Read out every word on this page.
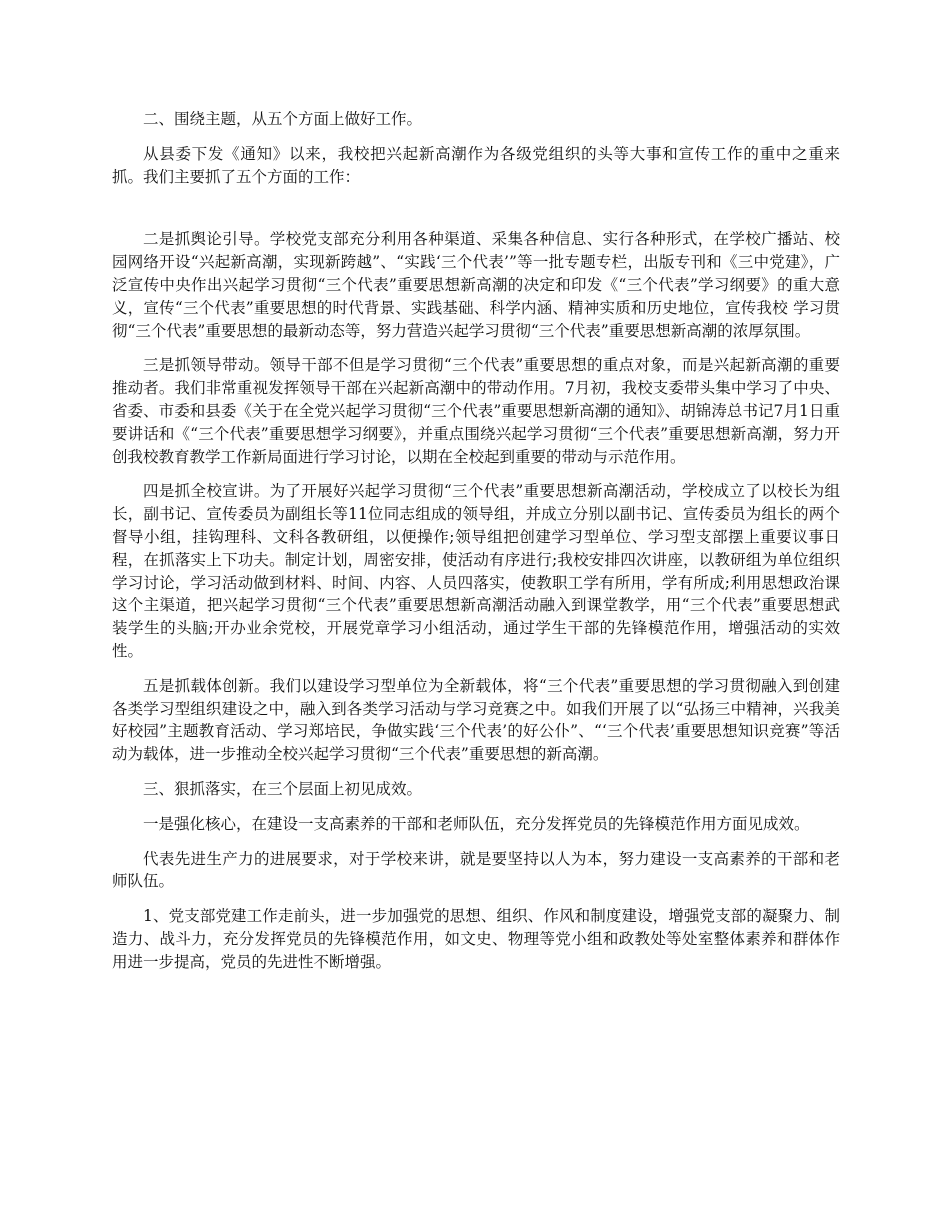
二、围绕主题，从五个方面上做好工作。

从县委下发《通知》以来，我校把兴起新高潮作为各级党组织的头等大事和宣传工作的重中之重来抓。我们主要抓了五个方面的工作：

二是抓舆论引导。学校党支部充分利用各种渠道、采集各种信息、实行各种形式，在学校广播站、校园网络开设“兴起新高潮，实现新跨越”、“实践‘三个代表’”等一批专题专栏，出版专刊和《三中党建》，广泛宣传中央作出兴起学习贯彻“三个代表”重要思想新高潮的决定和印发《“三个代表”学习纲要》的重大意义，宣传“三个代表”重要思想的时代背景、实践基础、科学内涵、精神实质和历史地位，宣传我校 学习贯彻“三个代表”重要思想的最新动态等，努力营造兴起学习贯彻“三个代表”重要思想新高潮的浓厚氛围。

三是抓领导带动。领导干部不但是学习贯彻“三个代表”重要思想的重点对象，而是兴起新高潮的重要推动者。我们非常重视发挥领导干部在兴起新高潮中的带动作用。7月初，我校支委带头集中学习了中央、省委、市委和县委《关于在全党兴起学习贯彻“三个代表”重要思想新高潮的通知》、胡锦涛总书记7月1日重要讲话和《“三个代表”重要思想学习纲要》，并重点围绕兴起学习贯彻“三个代表”重要思想新高潮，努力开创我校教育教学工作新局面进行学习讨论，以期在全校起到重要的带动与示范作用。

四是抓全校宣讲。为了开展好兴起学习贯彻“三个代表”重要思想新高潮活动，学校成立了以校长为组长，副书记、宣传委员为副组长等11位同志组成的领导组，并成立分别以副书记、宣传委员为组长的两个督导小组，挂钩理科、文科各教研组，以便操作;领导组把创建学习型单位、学习型支部摆上重要议事日程，在抓落实上下功夫。制定计划，周密安排，使活动有序进行;我校安排四次讲座，以教研组为单位组织学习讨论，学习活动做到材料、时间、内容、人员四落实，使教职工学有所用，学有所成;利用思想政治课这个主渠道，把兴起学习贯彻“三个代表”重要思想新高潮活动融入到课堂教学，用“三个代表”重要思想武装学生的头脑;开办业余党校，开展党章学习小组活动，通过学生干部的先锋模范作用，增强活动的实效性。

五是抓载体创新。我们以建设学习型单位为全新载体，将“三个代表”重要思想的学习贯彻融入到创建各类学习型组织建设之中，融入到各类学习活动与学习竞赛之中。如我们开展了以“弘扬三中精神，兴我美好校园”主题教育活动、学习郑培民，争做实践‘三个代表’的好公仆”、“‘三个代表’重要思想知识竞赛”等活动为载体，进一步推动全校兴起学习贯彻“三个代表”重要思想的新高潮。

三、狠抓落实，在三个层面上初见成效。

一是强化核心，在建设一支高素养的干部和老师队伍，充分发挥党员的先锋模范作用方面见成效。

代表先进生产力的进展要求，对于学校来讲，就是要坚持以人为本，努力建设一支高素养的干部和老师队伍。

1、党支部党建工作走前头，进一步加强党的思想、组织、作风和制度建设，增强党支部的凝聚力、制造力、战斗力，充分发挥党员的先锋模范作用，如文史、物理等党小组和政教处等处室整体素养和群体作用进一步提高，党员的先进性不断增强。
